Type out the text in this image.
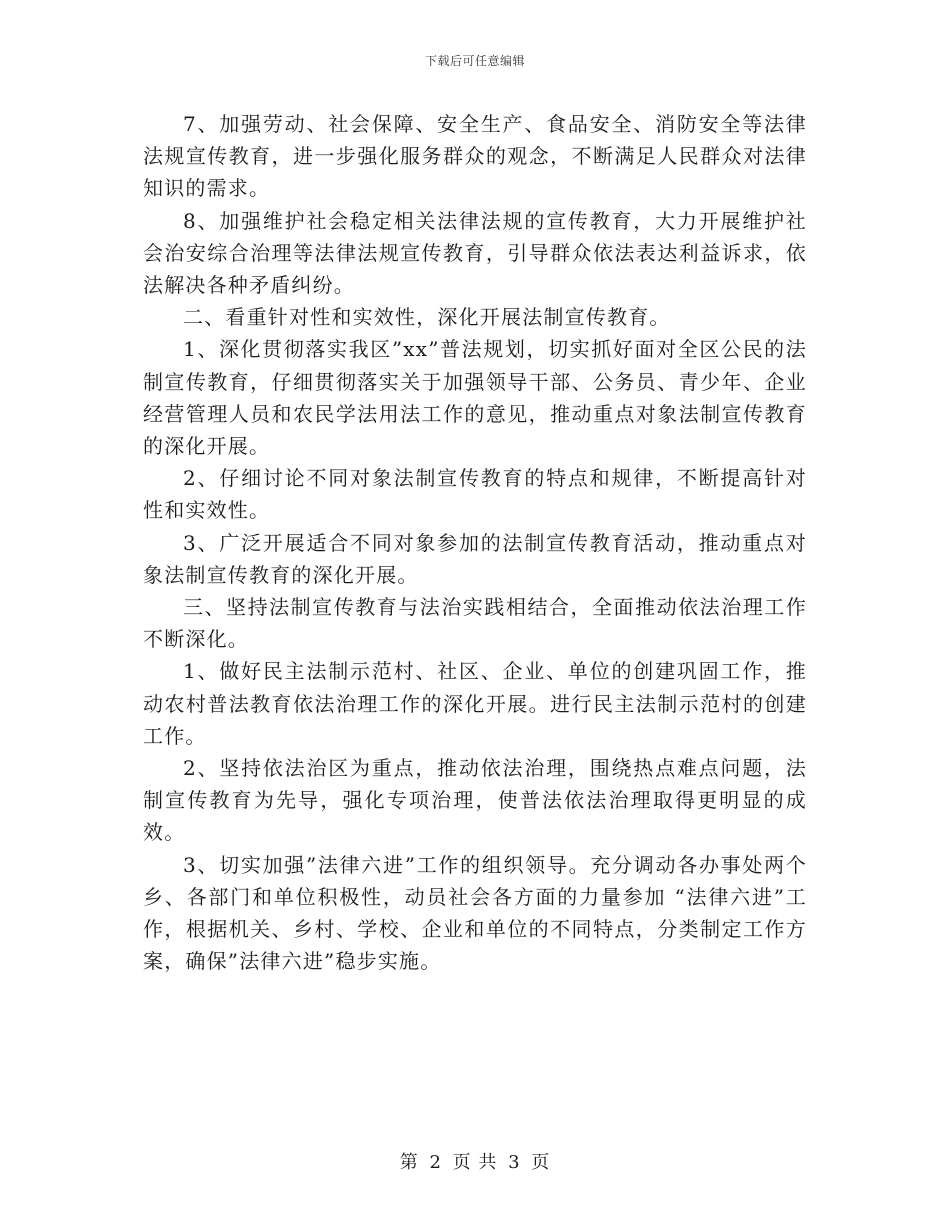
下载后可任意编辑

7、加强劳动、社会保障、安全生产、食品安全、消防安全等法律法规宣传教育，进一步强化服务群众的观念，不断满足人民群众对法律知识的需求。

8、加强维护社会稳定相关法律法规的宣传教育，大力开展维护社会治安综合治理等法律法规宣传教育，引导群众依法表达利益诉求，依法解决各种矛盾纠纷。

二、看重针对性和实效性，深化开展法制宣传教育。

1、深化贯彻落实我区”xx”普法规划，切实抓好面对全区公民的法制宣传教育，仔细贯彻落实关于加强领导干部、公务员、青少年、企业经营管理人员和农民学法用法工作的意见，推动重点对象法制宣传教育的深化开展。

2、仔细讨论不同对象法制宣传教育的特点和规律，不断提高针对性和实效性。

3、广泛开展适合不同对象参加的法制宣传教育活动，推动重点对象法制宣传教育的深化开展。

三、坚持法制宣传教育与法治实践相结合，全面推动依法治理工作不断深化。

1、做好民主法制示范村、社区、企业、单位的创建巩固工作，推动农村普法教育依法治理工作的深化开展。进行民主法制示范村的创建工作。

2、坚持依法治区为重点，推动依法治理，围绕热点难点问题，法制宣传教育为先导，强化专项治理，使普法依法治理取得更明显的成效。

3、切实加强”法律六进”工作的组织领导。充分调动各办事处两个乡、各部门和单位积极性，动员社会各方面的力量参加 “法律六进”工作，根据机关、乡村、学校、企业和单位的不同特点，分类制定工作方案，确保”法律六进”稳步实施。

第 2 页 共 3 页
